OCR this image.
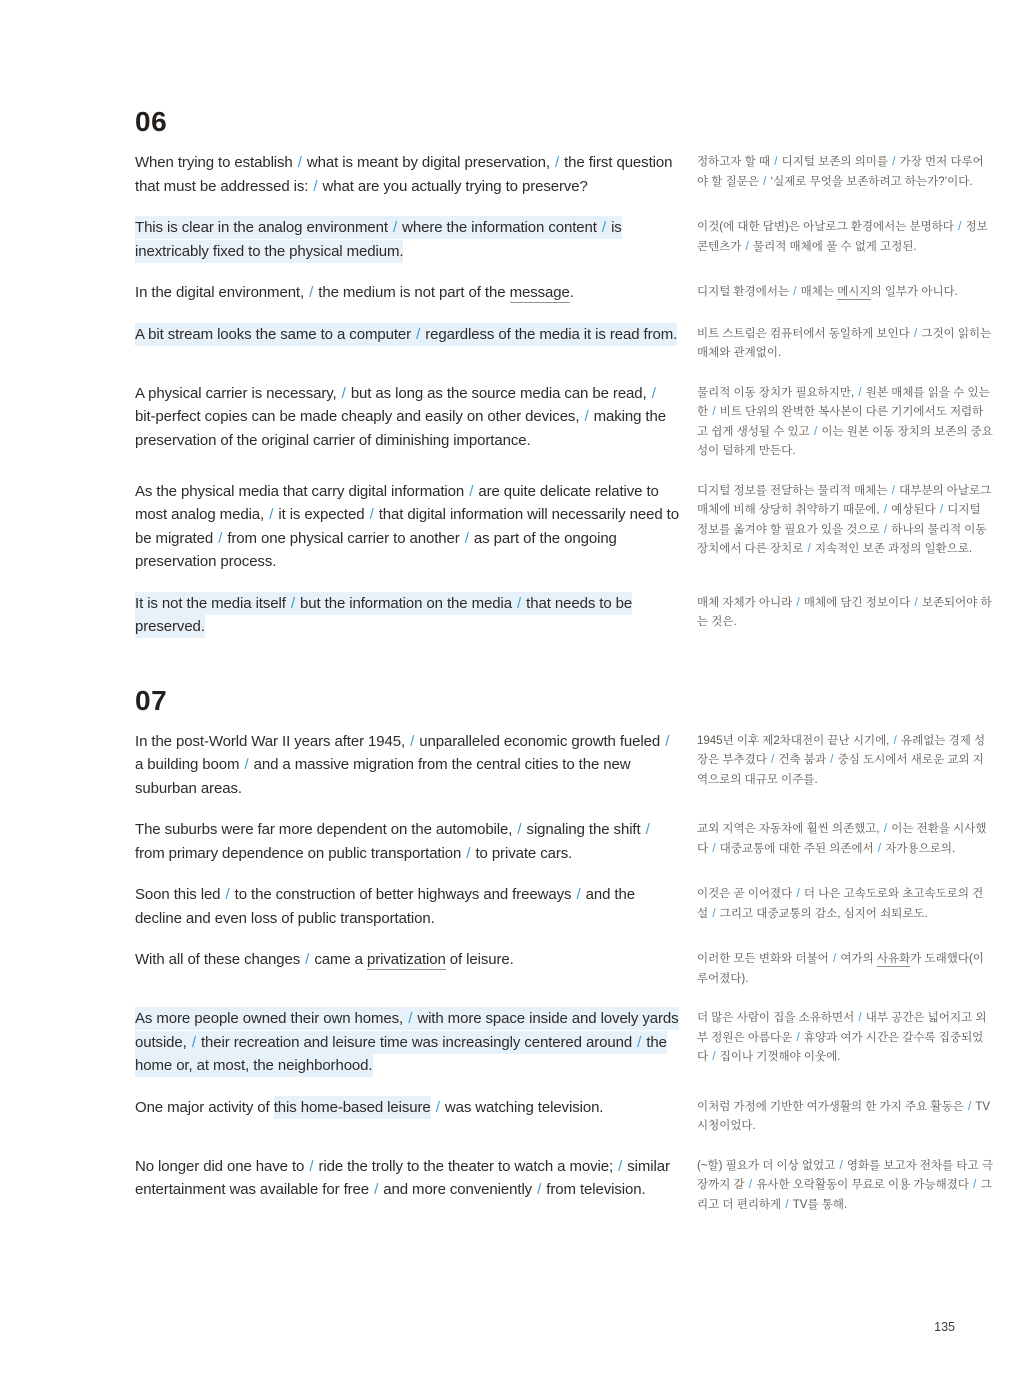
06

When trying to establish / what is meant by digital preservation, / the first question that must be addressed is: / what are you actually trying to preserve?

정하고자 할 때 / 디지털 보존의 의미를 / 가장 먼저 다루어야 할 질문은 / ‘실제로 무엇을 보존하려고 하는가?’이다.

This is clear in the analog environment / where the information content / is inextricably fixed to the physical medium.

이것(에 대한 답변)은 아날로그 환경에서는 분명하다 / 정보 콘텐츠가 / 물리적 매체에 풀 수 없게 고정된.

In the digital environment, / the medium is not part of the message.	디지털 환경에서는 / 매체는 메시지의 일부가 아니다.

A bit stream looks the same to a computer / regardless of the media it is read from.	비트 스트림은 컴퓨터에서 동일하게 보인다 / 그것이 읽히는 매체와 관계없이.

A physical carrier is necessary, / but as long as the source media can be read, / bit-perfect copies can be made cheaply and easily on other devices, / making the preservation of the original carrier of diminishing importance.

물리적 이동 장치가 필요하지만, / 원본 매체를 읽을 수 있는 한 / 비트 단위의 완벽한 복사본이 다른 기기에서도 저렴하고 쉽게 생성될 수 있고 / 이는 원본 이동 장치의 보존의 중요성이 덜하게 만든다.

As the physical media that carry digital information / are quite delicate relative to most analog media, / it is expected / that digital information will necessarily need to be migrated / from one physical carrier to another / as part of the ongoing preservation process.

디지털 정보를 전달하는 물리적 매체는 / 대부분의 아날로그 매체에 비해 상당히 취약하기 때문에, / 예상된다 / 디지털 정보를 옮겨야 할 필요가 있을 것으로 / 하나의 물리적 이동 장치에서 다른 장치로 / 지속적인 보존 과정의 일환으로.

It is not the media itself / but the information on the media / that needs to be preserved.

매체 자체가 아니라 / 매체에 담긴 정보이다 / 보존되어야 하는 것은.

07

In the post-World War II years after 1945, / unparalleled economic growth fueled / a building boom / and a massive migration from the central cities to the new suburban areas.

1945년 이후 제2차대전이 끝난 시기에, / 유례없는 경제 성장은 부추겼다 / 건축 붐과 / 중심 도시에서 새로운 교외 지역으로의 대규모 이주를.

The suburbs were far more dependent on the automobile, / signaling the shift / from primary dependence on public transportation / to private cars.

교외 지역은 자동차에 훨씬 의존했고, / 이는 전환을 시사했다 / 대중교통에 대한 주된 의존에서 / 자가용으로의.

Soon this led / to the construction of better highways and freeways / and the decline and even loss of public transportation.

이것은 곧 이어졌다 / 더 나은 고속도로와 초고속도로의 건설 / 그리고 대중교통의 감소, 심지어 쇠퇴로도.

With all of these changes / came a privatization of leisure.	이러한 모든 변화와 더불어 / 여가의 사유화가 도래했다(이루어졌다).

As more people owned their own homes, / with more space inside and lovely yards outside, / their recreation and leisure time was increasingly centered around / the home or, at most, the neighborhood.

더 많은 사람이 집을 소유하면서 / 내부 공간은 넓어지고 외부 정원은 아름다운 / 휴양과 여가 시간은 갈수록 집중되었다 / 집이나 기껏해야 이웃에.

One major activity of this home-based leisure / was watching television.	이처럼 가정에 기반한 여가생활의 한 가지 주요 활동은 / TV 시청이었다.

No longer did one have to / ride the trolly to the theater to watch a movie; / similar entertainment was available for free / and more conveniently / from television.

(~할) 필요가 더 이상 없었고 / 영화를 보고자 전차를 타고 극장까지 갈 / 유사한 오락활동이 무료로 이용 가능해졌다 / 그리고 더 편리하게 / TV를 통해.

135
